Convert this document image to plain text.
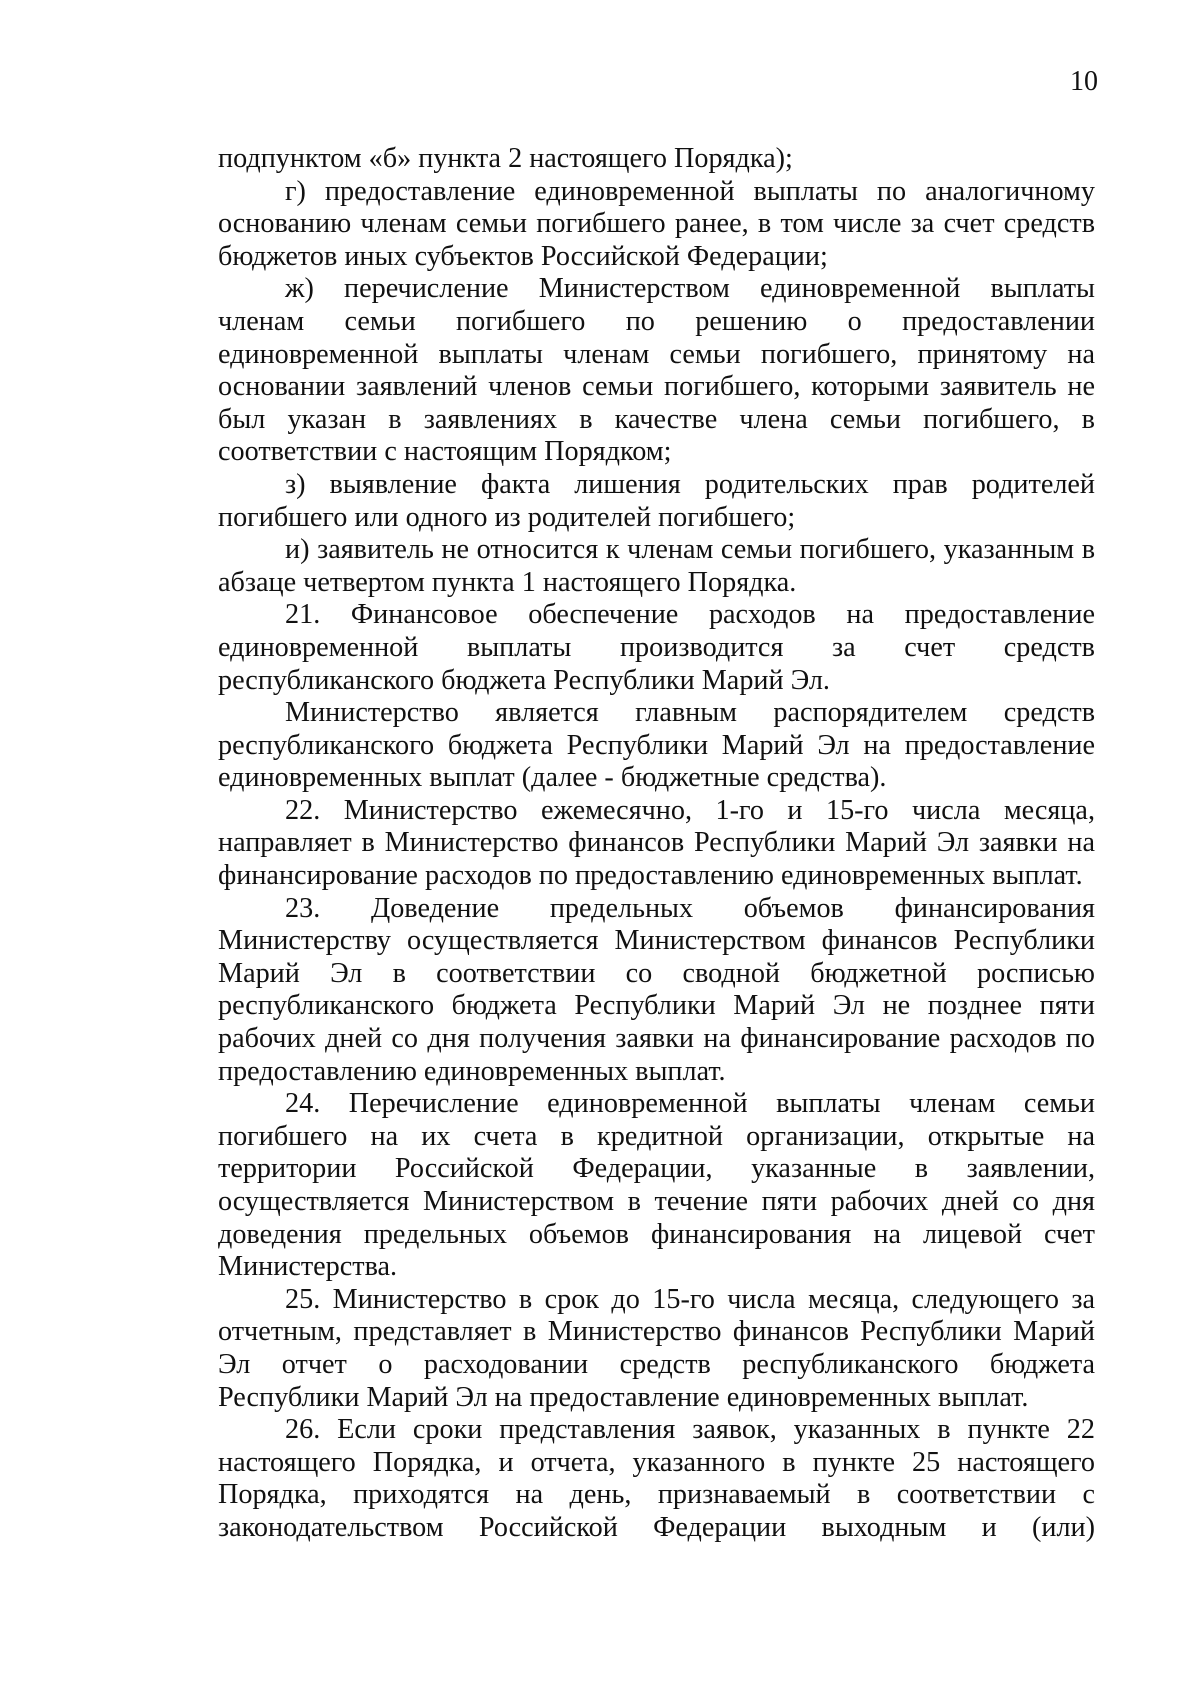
10

подпунктом «б» пункта 2 настоящего Порядка);

г) предоставление единовременной выплаты по аналогичному основанию членам семьи погибшего ранее, в том числе за счет средств бюджетов иных субъектов Российской Федерации;

ж) перечисление Министерством единовременной выплаты членам семьи погибшего по решению о предоставлении единовременной выплаты членам семьи погибшего, принятому на основании заявлений членов семьи погибшего, которыми заявитель не был указан в заявлениях в качестве члена семьи погибшего, в соответствии с настоящим Порядком;

з) выявление факта лишения родительских прав родителей погибшего или одного из родителей погибшего;

и) заявитель не относится к членам семьи погибшего, указанным в абзаце четвертом пункта 1 настоящего Порядка.

21. Финансовое обеспечение расходов на предоставление единовременной выплаты производится за счет средств республиканского бюджета Республики Марий Эл.

Министерство является главным распорядителем средств республиканского бюджета Республики Марий Эл на предоставление единовременных выплат (далее - бюджетные средства).

22. Министерство ежемесячно, 1-го и 15-го числа месяца, направляет в Министерство финансов Республики Марий Эл заявки на финансирование расходов по предоставлению единовременных выплат.

23. Доведение предельных объемов финансирования Министерству осуществляется Министерством финансов Республики Марий Эл в соответствии со сводной бюджетной росписью республиканского бюджета Республики Марий Эл не позднее пяти рабочих дней со дня получения заявки на финансирование расходов по предоставлению единовременных выплат.

24. Перечисление единовременной выплаты членам семьи погибшего на их счета в кредитной организации, открытые на территории Российской Федерации, указанные в заявлении, осуществляется Министерством в течение пяти рабочих дней со дня доведения предельных объемов финансирования на лицевой счет Министерства.

25. Министерство в срок до 15-го числа месяца, следующего за отчетным, представляет в Министерство финансов Республики Марий Эл отчет о расходовании средств республиканского бюджета Республики Марий Эл на предоставление единовременных выплат.

26. Если сроки представления заявок, указанных в пункте 22 настоящего Порядка, и отчета, указанного в пункте 25 настоящего Порядка, приходятся на день, признаваемый в соответствии с законодательством Российской Федерации выходным и (или)
